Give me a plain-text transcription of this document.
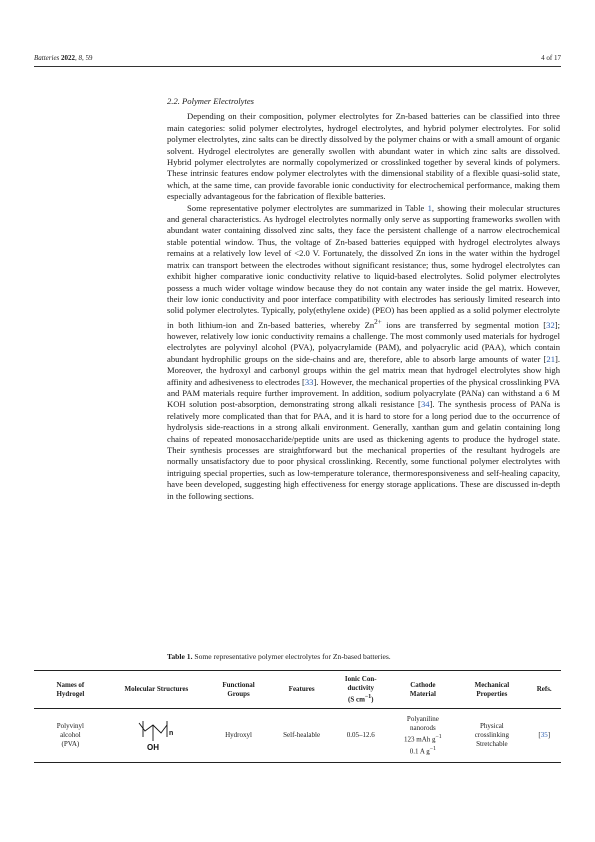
Batteries 2022, 8, 59	4 of 17

2.2. Polymer Electrolytes

Depending on their composition, polymer electrolytes for Zn-based batteries can be classified into three main categories: solid polymer electrolytes, hydrogel electrolytes, and hybrid polymer electrolytes. For solid polymer electrolytes, zinc salts can be directly dissolved by the polymer chains or with a small amount of organic solvent. Hydrogel electrolytes are generally swollen with abundant water in which zinc salts are dissolved. Hybrid polymer electrolytes are normally copolymerized or crosslinked together by several kinds of polymers. These intrinsic features endow polymer electrolytes with the dimensional stability of a flexible quasi-solid state, which, at the same time, can provide favorable ionic conductivity for electrochemical performance, making them especially advantageous for the fabrication of flexible batteries.

Some representative polymer electrolytes are summarized in Table 1, showing their molecular structures and general characteristics. As hydrogel electrolytes normally only serve as supporting frameworks swollen with abundant water containing dissolved zinc salts, they face the persistent challenge of a narrow electrochemical stable potential window. Thus, the voltage of Zn-based batteries equipped with hydrogel electrolytes always remains at a relatively low level of <2.0 V. Fortunately, the dissolved Zn ions in the water within the hydrogel matrix can transport between the electrodes without significant resistance; thus, some hydrogel electrolytes can exhibit higher comparative ionic conductivity relative to liquid-based electrolytes. Solid polymer electrolytes possess a much wider voltage window because they do not contain any water inside the gel matrix. However, their low ionic conductivity and poor interface compatibility with electrodes has seriously limited research into solid polymer electrolytes. Typically, poly(ethylene oxide) (PEO) has been applied as a solid polymer electrolyte in both lithium-ion and Zn-based batteries, whereby $Zn^{2+}$ ions are transferred by segmental motion [32]; however, relatively low ionic conductivity remains a challenge. The most commonly used materials for hydrogel electrolytes are polyvinyl alcohol (PVA), polyacrylamide (PAM), and polyacrylic acid (PAA), which contain abundant hydrophilic groups on the side-chains and are, therefore, able to absorb large amounts of water [21]. Moreover, the hydroxyl and carbonyl groups within the gel matrix mean that hydrogel electrolytes show high affinity and adhesiveness to electrodes [33]. However, the mechanical properties of the physical crosslinking PVA and PAM materials require further improvement. In addition, sodium polyacrylate (PANa) can withstand a 6 M KOH solution post-absorption, demonstrating strong alkali resistance [34]. The synthesis process of PANa is relatively more complicated than that for PAA, and it is hard to store for a long period due to the occurrence of hydrolysis side-reactions in a strong alkali environment. Generally, xanthan gum and gelatin containing long chains of repeated monosaccharide/peptide units are used as thickening agents to produce the hydrogel state. Their synthesis processes are straightforward but the mechanical properties of the resultant hydrogels are normally unsatisfactory due to poor physical crosslinking. Recently, some functional polymer electrolytes with intriguing special properties, such as low-temperature tolerance, thermoresponsiveness and self-healing capacity, have been developed, suggesting high effectiveness for energy storage applications. These are discussed in-depth in the following sections.

Table 1. Some representative polymer electrolytes for Zn-based batteries.
Names of
Hydrogel	Molecular Structures	Functional
Groups	Features	Ionic Con-
ductivity
(S $cm^{-1}$)	Cathode
Material	Mechanical
Properties	Refs.
Polyvinyl
alcohol
(PVA)	n
OH	Hydroxyl	Self-healable	0.05–12.6	Polyaniline
nanorods
123 mAh $g^{-1}$
0.1 A $g^{-1}$	Physical
crosslinking
Stretchable	[35]
